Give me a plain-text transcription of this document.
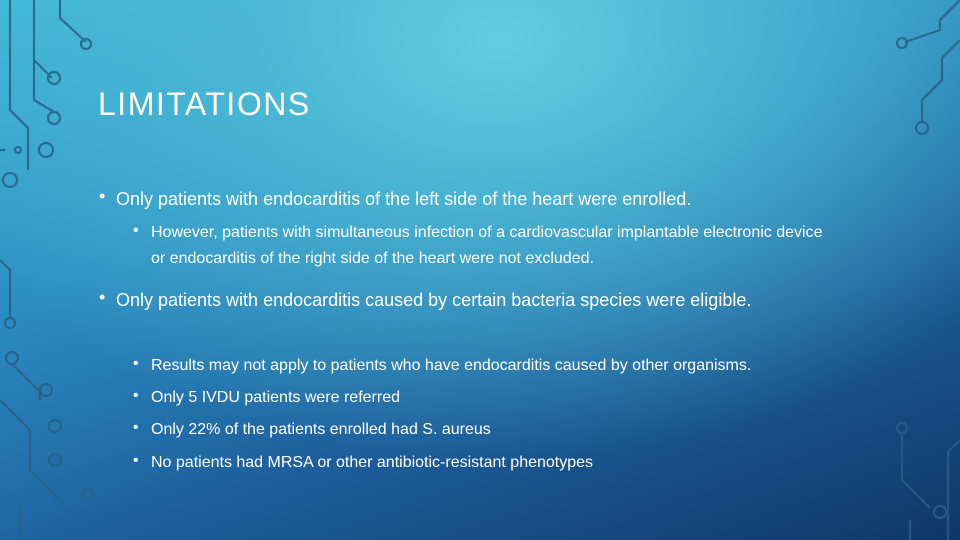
LIMITATIONS
• Only patients with endocarditis of the left side of the heart were enrolled.
• However, patients with simultaneous infection of a cardiovascular implantable electronic device or endocarditis of the right side of the heart were not excluded.
• Only patients with endocarditis caused by certain bacteria species were eligible.
• Results may not apply to patients who have endocarditis caused by other organisms.
• Only 5 IVDU patients were referred
• Only 22% of the patients enrolled had S. aureus
• No patients had MRSA or other antibiotic-resistant phenotypes
